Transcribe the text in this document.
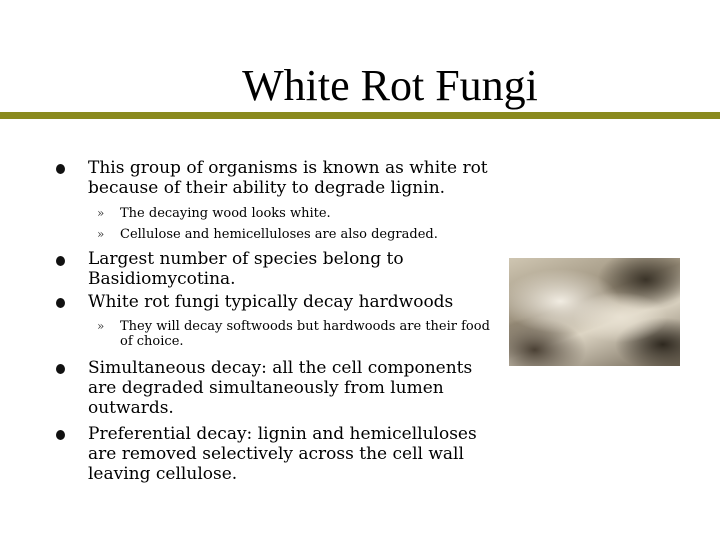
White Rot Fungi
This group of organisms is known as white rot because of their ability to degrade lignin.
» The decaying wood looks white.
» Cellulose and hemicelluloses are also degraded.
Largest number of species belong to Basidiomycotina.
White rot fungi typically decay hardwoods
» They will decay softwoods but hardwoods are their food of choice.
Simultaneous decay: all the cell components are degraded simultaneously from lumen outwards.
Preferential decay: lignin and hemicelluloses are removed selectively across the cell wall leaving cellulose.
